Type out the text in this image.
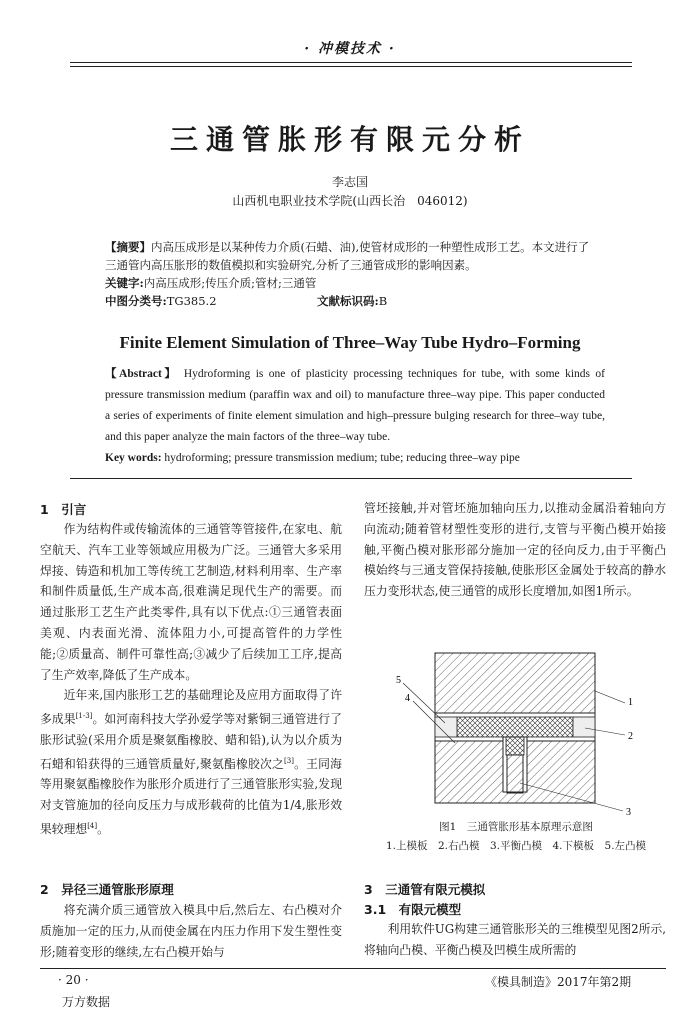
· 冲模技术 ·
三通管胀形有限元分析
李志国
山西机电职业技术学院(山西长治　046012)
【摘要】内高压成形是以某种传力介质(石蜡、油),使管材成形的一种塑性成形工艺。本文进行了三通管内高压胀形的数值模拟和实验研究,分析了三通管成形的影响因素。
关键字:内高压成形;传压介质;管材;三通管
中图分类号:TG385.2	文献标识码:B
Finite Element Simulation of Three–Way Tube Hydro–Forming
【Abstract】 Hydroforming is one of plasticity processing techniques for tube, with some kinds of pressure transmission medium (paraffin wax and oil) to manufacture three–way pipe. This paper conducted a series of experiments of finite element simulation and high–pressure bulging research for three–way tube, and this paper analyze the main factors of the three–way tube.
Key words: hydroforming; pressure transmission medium; tube; reducing three–way pipe
1　引言

作为结构件或传输流体的三通管等管接件,在家电、航空航天、汽车工业等领域应用极为广泛。三通管大多采用焊接、铸造和机加工等传统工艺制造,材料利用率、生产率和制件质量低,生产成本高,很难满足现代生产的需要。而通过胀形工艺生产此类零件,具有以下优点:①三通管表面美观、内表面光滑、流体阻力小,可提高管件的力学性能;②质量高、制件可靠性高;③减少了后续加工工序,提高了生产效率,降低了生产成本。

近年来,国内胀形工艺的基础理论及应用方面取得了许多成果[1-3]。如河南科技大学孙爱学等对紫铜三通管进行了胀形试验(采用介质是聚氨酯橡胶、蜡和铅),认为以介质为石蜡和铅获得的三通管质量好,聚氨酯橡胶次之[3]。王同海等用聚氨酯橡胶作为胀形介质进行了三通管胀形实验,发现对支管施加的径向反压力与成形载荷的比值为1/4,胀形效果较理想[4]。

2　异径三通管胀形原理

将充满介质三通管放入模具中后,然后左、右凸模对介质施加一定的压力,从而使金属在内压力作用下发生塑性变形;随着变形的继续,左右凸模开始与

管坯接触,并对管坯施加轴向压力,以推动金属沿着轴向方向流动;随着管材塑性变形的进行,支管与平衡凸模开始接触,平衡凸模对胀形部分施加一定的径向反力,由于平衡凸模始终与三通支管保持接触,使胀形区金属处于较高的静水压力变形状态,使三通管的成形长度增加,如图1所示。

1
2
3
4
5
图1　三通管胀形基本原理示意图
1.上模板　2.右凸模　3.平衡凸模　4.下模板　5.左凸模
3　三通管有限元模拟
3.1　有限元模型

利用软件UG构建三通管胀形关的三维模型见图2所示,将轴向凸模、平衡凸模及凹模生成所需的

· 20 ·	《模具制造》2017年第2期
万方数据
